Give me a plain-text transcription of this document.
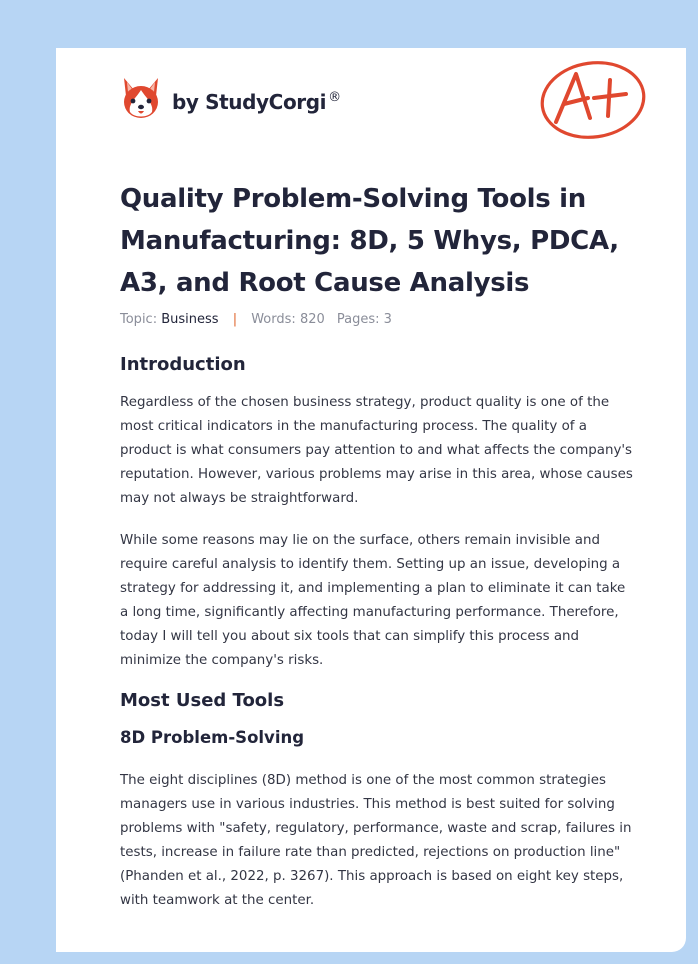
by StudyCorgi ®
A+
Quality Problem-Solving Tools in Manufacturing: 8D, 5 Whys, PDCA, A3, and Root Cause Analysis
Topic: Business | Words: 820 Pages: 3
Introduction

Regardless of the chosen business strategy, product quality is one of the most critical indicators in the manufacturing process. The quality of a product is what consumers pay attention to and what affects the company's reputation. However, various problems may arise in this area, whose causes may not always be straightforward.

While some reasons may lie on the surface, others remain invisible and require careful analysis to identify them. Setting up an issue, developing a strategy for addressing it, and implementing a plan to eliminate it can take a long time, significantly affecting manufacturing performance. Therefore, today I will tell you about six tools that can simplify this process and minimize the company's risks.

Most Used Tools
8D Problem-Solving

The eight disciplines (8D) method is one of the most common strategies managers use in various industries. This method is best suited for solving problems with "safety, regulatory, performance, waste and scrap, failures in tests, increase in failure rate than predicted, rejections on production line" (Phanden et al., 2022, p. 3267). This approach is based on eight key steps, with teamwork at the center.
